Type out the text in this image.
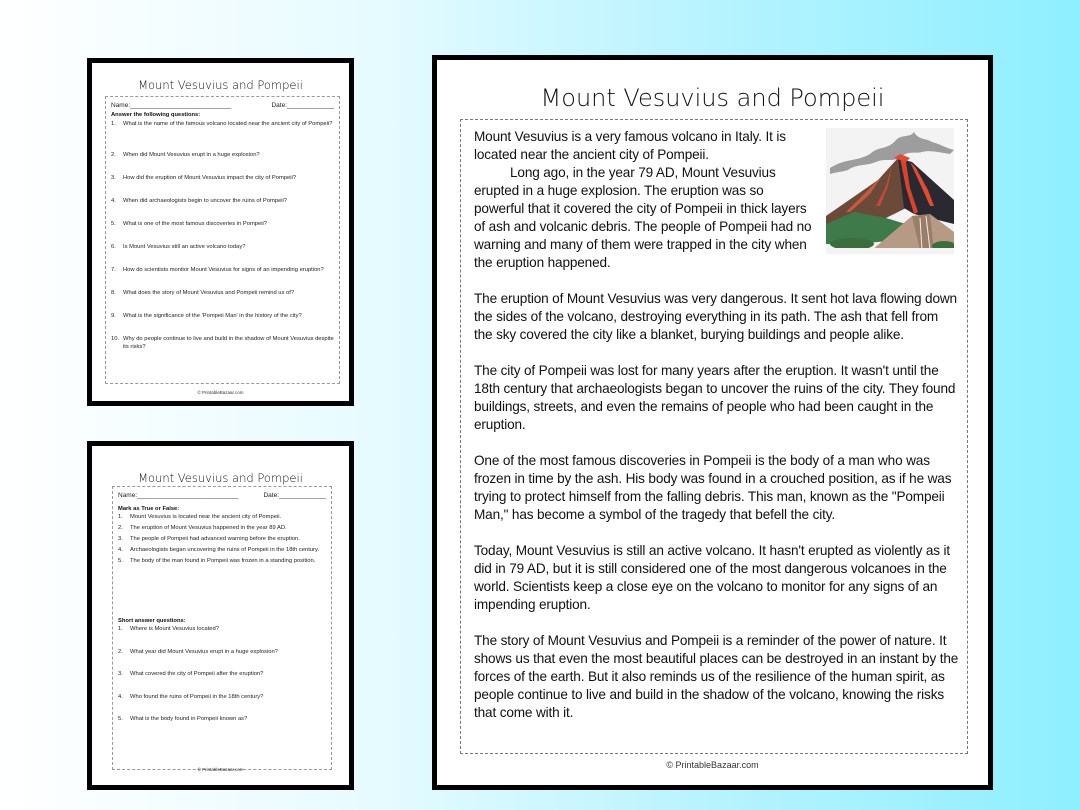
Mount Vesuvius and Pompeii
Name:____________________________	Date:_____________
Answer the following questions:
1.	What is the name of the famous volcano located near the ancient city of Pompeii?
2.	When did Mount Vesuvius erupt in a huge explosion?
3.	How did the eruption of Mount Vesuvius impact the city of Pompeii?
4.	When did archaeologists begin to uncover the ruins of Pompeii?
5.	What is one of the most famous discoveries in Pompeii?
6.	Is Mount Vesuvius still an active volcano today?
7.	How do scientists monitor Mount Vesuvius for signs of an impending eruption?
8.	What does the story of Mount Vesuvius and Pompeii remind us of?
9.	What is the significance of the 'Pompeii Man' in the history of the city?
10. Why do people continue to live and build in the shadow of Mount Vesuvius despite its risks?
© PrintableBazaar.com
Mount Vesuvius and Pompeii
Name:____________________________	Date:_____________
Mark as True or False:
1.	Mount Vesuvius is located near the ancient city of Pompeii.
2.	The eruption of Mount Vesuvius happened in the year 89 AD.
3.	The people of Pompeii had advanced warning before the eruption.
4.	Archaeologists began uncovering the ruins of Pompeii in the 18th century.
5.	The body of the man found in Pompeii was frozen in a standing position.
Short answer questions:
1.	Where is Mount Vesuvius located?
2.	What year did Mount Vesuvius erupt in a huge explosion?
3.	What covered the city of Pompeii after the eruption?
4.	Who found the ruins of Pompeii in the 18th century?
5.	What is the body found in Pompeii known as?
© PrintableBazaar.com
Mount Vesuvius and Pompeii

Mount Vesuvius is a very famous volcano in Italy. It is located near the ancient city of Pompeii.

Long ago, in the year 79 AD, Mount Vesuvius erupted in a huge explosion. The eruption was so powerful that it covered the city of Pompeii in thick layers of ash and volcanic debris. The people of Pompeii had no warning and many of them were trapped in the city when the eruption happened.

The eruption of Mount Vesuvius was very dangerous. It sent hot lava flowing down the sides of the volcano, destroying everything in its path. The ash that fell from the sky covered the city like a blanket, burying buildings and people alike.

The city of Pompeii was lost for many years after the eruption. It wasn't until the 18th century that archaeologists began to uncover the ruins of the city. They found buildings, streets, and even the remains of people who had been caught in the eruption.

One of the most famous discoveries in Pompeii is the body of a man who was frozen in time by the ash. His body was found in a crouched position, as if he was trying to protect himself from the falling debris. This man, known as the "Pompeii Man," has become a symbol of the tragedy that befell the city.

Today, Mount Vesuvius is still an active volcano. It hasn't erupted as violently as it did in 79 AD, but it is still considered one of the most dangerous volcanoes in the world. Scientists keep a close eye on the volcano to monitor for any signs of an impending eruption.

The story of Mount Vesuvius and Pompeii is a reminder of the power of nature. It shows us that even the most beautiful places can be destroyed in an instant by the forces of the earth. But it also reminds us of the resilience of the human spirit, as people continue to live and build in the shadow of the volcano, knowing the risks that come with it.

© PrintableBazaar.com
